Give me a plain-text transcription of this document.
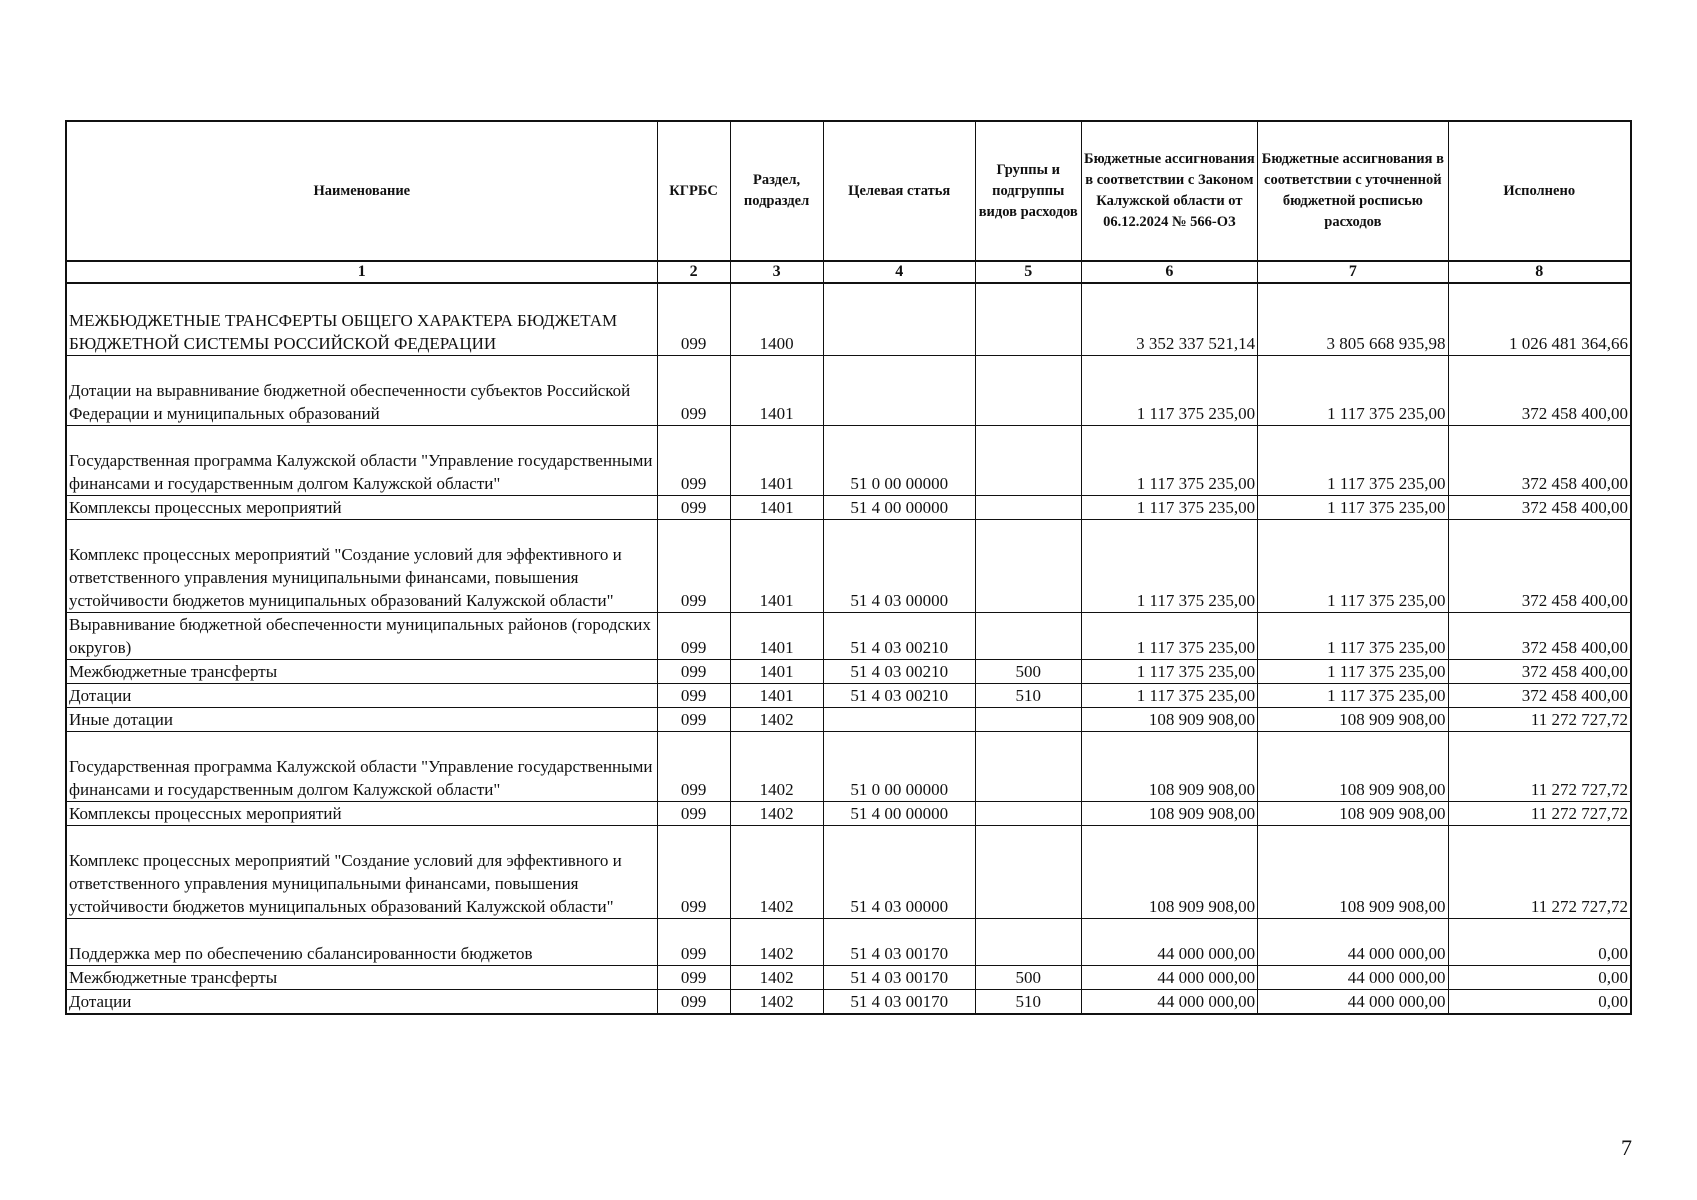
Наименование	КГРБС	Раздел, подраздел	Целевая статья	Группы и подгруппы видов расходов	Бюджетные ассигнования в соответствии с Законом Калужской области от 06.12.2024 № 566-ОЗ	Бюджетные ассигнования в соответствии с уточненной бюджетной росписью расходов	Исполнено
1	2	3	4	5	6	7	8
МЕЖБЮДЖЕТНЫЕ ТРАНСФЕРТЫ ОБЩЕГО ХАРАКТЕРА БЮДЖЕТАМ БЮДЖЕТНОЙ СИСТЕМЫ РОССИЙСКОЙ ФЕДЕРАЦИИ	099	1400			3 352 337 521,14	3 805 668 935,98	1 026 481 364,66
Дотации на выравнивание бюджетной обеспеченности субъектов Российской Федерации и муниципальных образований	099	1401			1 117 375 235,00	1 117 375 235,00	372 458 400,00
Государственная программа Калужской области "Управление государственными финансами и государственным долгом Калужской области"	099	1401	51 0 00 00000		1 117 375 235,00	1 117 375 235,00	372 458 400,00
Комплексы процессных мероприятий	099	1401	51 4 00 00000		1 117 375 235,00	1 117 375 235,00	372 458 400,00
Комплекс процессных мероприятий "Создание условий для эффективного и ответственного управления муниципальными финансами, повышения устойчивости бюджетов муниципальных образований Калужской области"	099	1401	51 4 03 00000		1 117 375 235,00	1 117 375 235,00	372 458 400,00
Выравнивание бюджетной обеспеченности муниципальных районов (городских округов)	099	1401	51 4 03 00210		1 117 375 235,00	1 117 375 235,00	372 458 400,00
Межбюджетные трансферты	099	1401	51 4 03 00210	500	1 117 375 235,00	1 117 375 235,00	372 458 400,00
Дотации	099	1401	51 4 03 00210	510	1 117 375 235,00	1 117 375 235,00	372 458 400,00
Иные дотации	099	1402			108 909 908,00	108 909 908,00	11 272 727,72
Государственная программа Калужской области "Управление государственными финансами и государственным долгом Калужской области"	099	1402	51 0 00 00000		108 909 908,00	108 909 908,00	11 272 727,72
Комплексы процессных мероприятий	099	1402	51 4 00 00000		108 909 908,00	108 909 908,00	11 272 727,72
Комплекс процессных мероприятий "Создание условий для эффективного и ответственного управления муниципальными финансами, повышения устойчивости бюджетов муниципальных образований Калужской области"	099	1402	51 4 03 00000		108 909 908,00	108 909 908,00	11 272 727,72
Поддержка мер по обеспечению сбалансированности бюджетов	099	1402	51 4 03 00170		44 000 000,00	44 000 000,00	0,00
Межбюджетные трансферты	099	1402	51 4 03 00170	500	44 000 000,00	44 000 000,00	0,00
Дотации	099	1402	51 4 03 00170	510	44 000 000,00	44 000 000,00	0,00
7
